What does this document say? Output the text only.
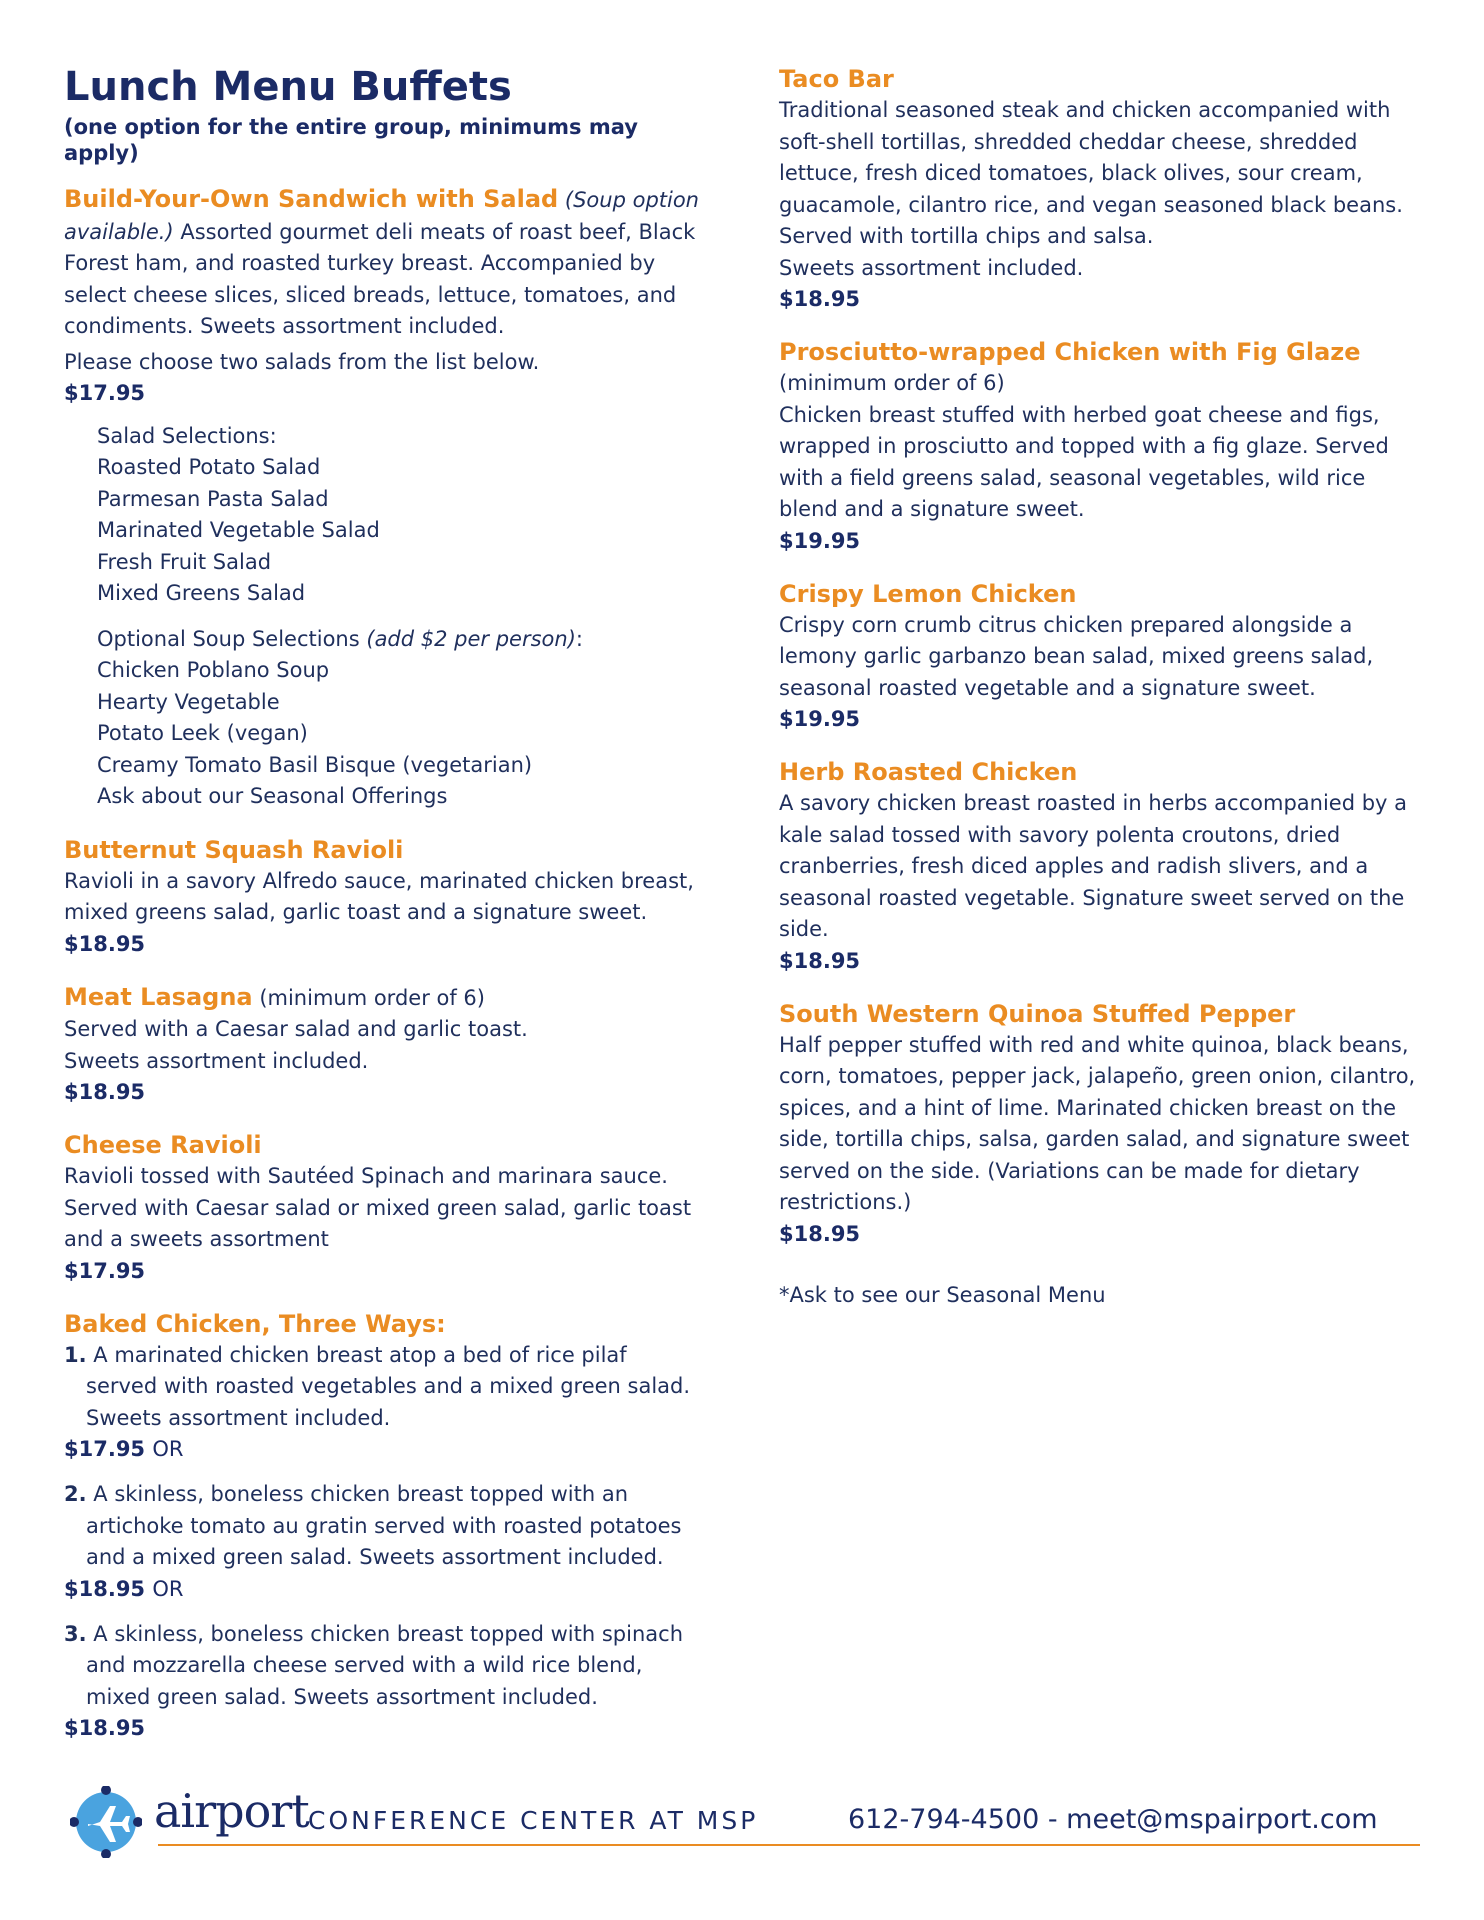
Lunch Menu Buffets
(one option for the entire group, minimums may apply)
Build-Your-Own Sandwich with Salad (Soup option available.) Assorted gourmet deli meats of roast beef, Black Forest ham, and roasted turkey breast. Accompanied by select cheese slices, sliced breads, lettuce, tomatoes, and condiments. Sweets assortment included.
Please choose two salads from the list below.
$17.95
Salad Selections:
Roasted Potato Salad
Parmesan Pasta Salad
Marinated Vegetable Salad
Fresh Fruit Salad
Mixed Greens Salad
Optional Soup Selections (add $2 per person):
Chicken Poblano Soup
Hearty Vegetable
Potato Leek (vegan)
Creamy Tomato Basil Bisque (vegetarian)
Ask about our Seasonal Offerings
Butternut Squash Ravioli
Ravioli in a savory Alfredo sauce, marinated chicken breast, mixed greens salad, garlic toast and a signature sweet.
$18.95
Meat Lasagna (minimum order of 6)
Served with a Caesar salad and garlic toast. Sweets assortment included.
$18.95
Cheese Ravioli
Ravioli tossed with Sautéed Spinach and marinara sauce. Served with Caesar salad or mixed green salad, garlic toast and a sweets assortment
$17.95
Baked Chicken, Three Ways:
1. A marinated chicken breast atop a bed of rice pilaf served with roasted vegetables and a mixed green salad. Sweets assortment included.
$17.95 OR
2. A skinless, boneless chicken breast topped with an artichoke tomato au gratin served with roasted potatoes and a mixed green salad. Sweets assortment included.
$18.95 OR
3. A skinless, boneless chicken breast topped with spinach and mozzarella cheese served with a wild rice blend, mixed green salad. Sweets assortment included.
$18.95
Taco Bar
Traditional seasoned steak and chicken accompanied with soft-shell tortillas, shredded cheddar cheese, shredded lettuce, fresh diced tomatoes, black olives, sour cream, guacamole, cilantro rice, and vegan seasoned black beans. Served with tortilla chips and salsa.
Sweets assortment included.
$18.95
Prosciutto-wrapped Chicken with Fig Glaze
(minimum order of 6)
Chicken breast stuffed with herbed goat cheese and figs, wrapped in prosciutto and topped with a fig glaze. Served with a field greens salad, seasonal vegetables, wild rice blend and a signature sweet.
$19.95
Crispy Lemon Chicken
Crispy corn crumb citrus chicken prepared alongside a lemony garlic garbanzo bean salad, mixed greens salad, seasonal roasted vegetable and a signature sweet.
$19.95
Herb Roasted Chicken
A savory chicken breast roasted in herbs accompanied by a kale salad tossed with savory polenta croutons, dried cranberries, fresh diced apples and radish slivers, and a seasonal roasted vegetable. Signature sweet served on the side.
$18.95
South Western Quinoa Stuffed Pepper
Half pepper stuffed with red and white quinoa, black beans, corn, tomatoes, pepper jack, jalapeño, green onion, cilantro, spices, and a hint of lime. Marinated chicken breast on the side, tortilla chips, salsa, garden salad, and signature sweet served on the side. (Variations can be made for dietary restrictions.)
$18.95
*Ask to see our Seasonal Menu
airport CONFERENCE CENTER AT MSP	612-794-4500 - meet@mspairport.com
